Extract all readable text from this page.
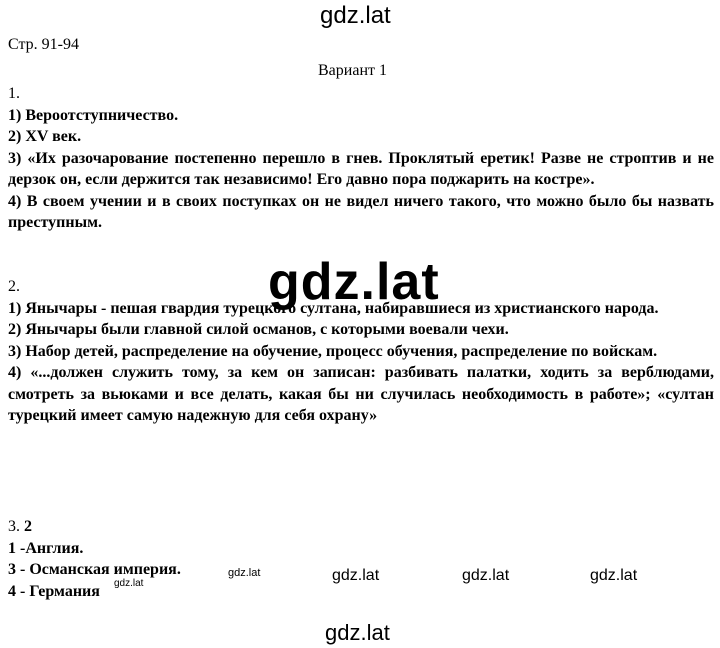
gdz.lat
Стр. 91-94
Вариант 1
1.
1) Вероотступничество.
2) XV век.
3) «Их разочарование постепенно перешло в гнев. Проклятый еретик! Разве не строптив и не дерзок он, если держится так независимо! Его давно пора поджарить на костре».
4) В своем учении и в своих поступках он не видел ничего такого, что можно было бы назвать преступным.
2.
1) Янычары - пешая гвардия турецкого султана, набиравшиеся из христианского народа.
2) Янычары были главной силой османов, с которыми воевали чехи.
3) Набор детей, распределение на обучение, процесс обучения, распределение по войскам.
4) «...должен служить тому, за кем он записан: разбивать палатки, ходить за верблюдами, смотреть за вьюками и все делать, какая бы ни случилась необходимость в работе»; «султан турецкий имеет самую надежную для себя охрану»
3. 2
1 -Англия.
3 - Османская империя.
4 - Германия
gdz.lat
gdz.lat
gdz.lat	gdz.lat	gdz.lat	gdz.lat
gdz.lat
